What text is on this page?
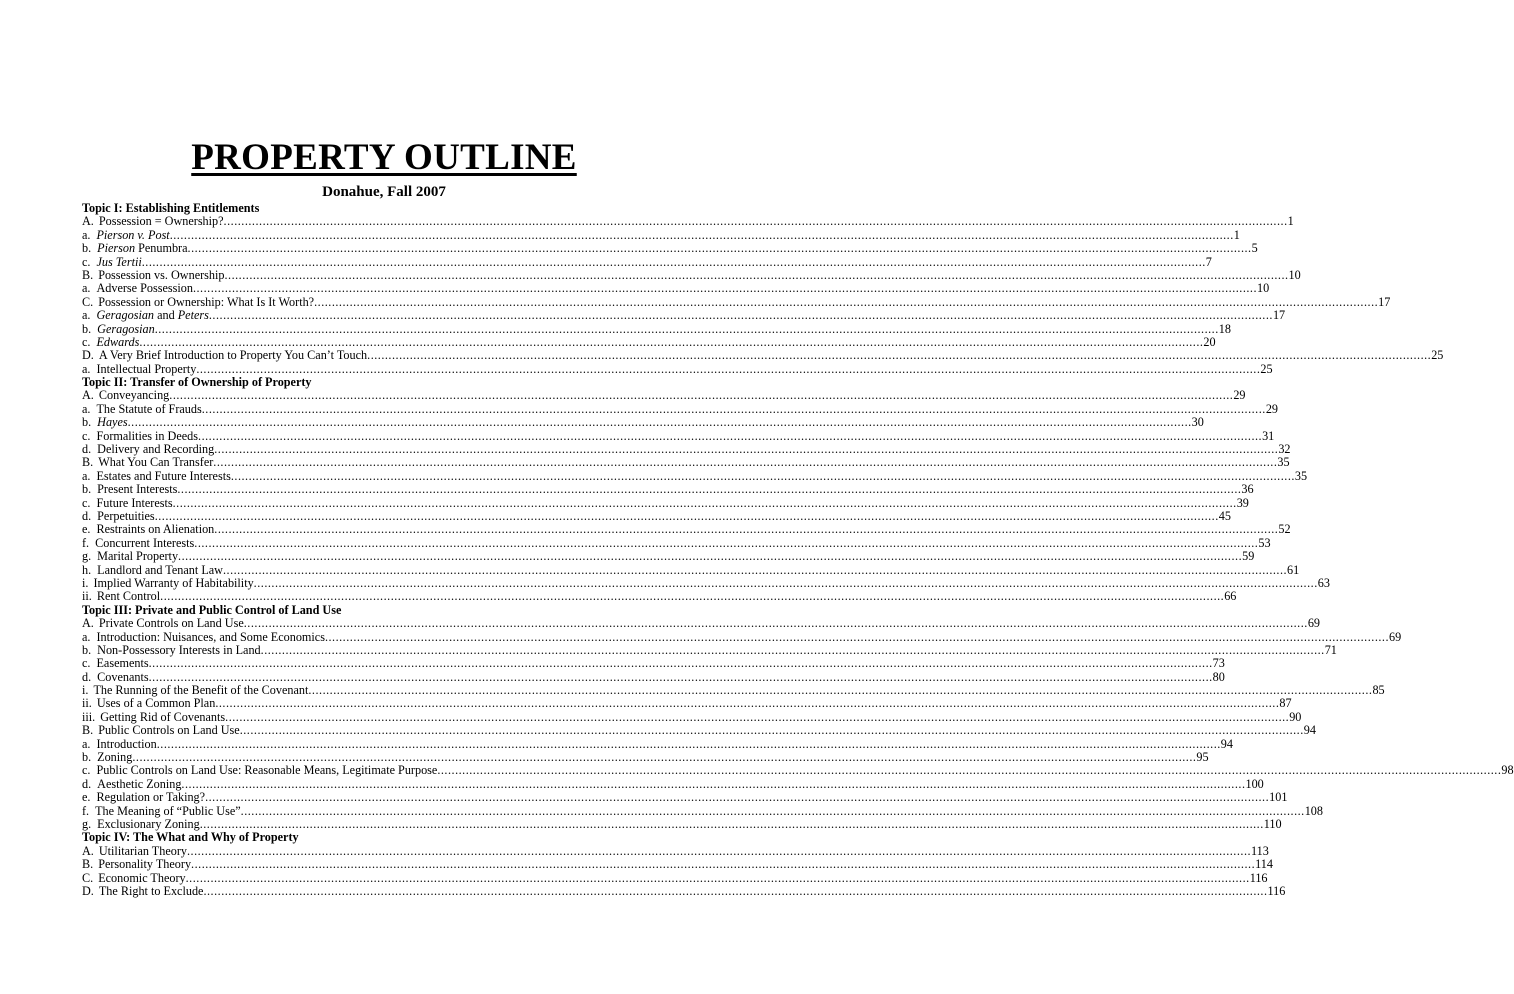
PROPERTY OUTLINE
Donahue, Fall 2007
Topic I: Establishing Entitlements
A. Possession = Ownership? ............................................................................................................................................................................................................................................................................................................ 1
a. Pierson v. Post ............................................................................................................................................................................................................................................................................................................ 1
b. Pierson Penumbra ............................................................................................................................................................................................................................................................................................................ 5
c. Jus Tertii ............................................................................................................................................................................................................................................................................................................ 7
B. Possession vs. Ownership ............................................................................................................................................................................................................................................................................................................ 10
a. Adverse Possession ............................................................................................................................................................................................................................................................................................................ 10
C. Possession or Ownership: What Is It Worth? ............................................................................................................................................................................................................................................................................................................ 17
a. Geragosian and Peters ............................................................................................................................................................................................................................................................................................................ 17
b. Geragosian ............................................................................................................................................................................................................................................................................................................ 18
c. Edwards ............................................................................................................................................................................................................................................................................................................ 20
D. A Very Brief Introduction to Property You Can’t Touch ............................................................................................................................................................................................................................................................................................................ 25
a. Intellectual Property ............................................................................................................................................................................................................................................................................................................ 25
Topic II: Transfer of Ownership of Property
A. Conveyancing ............................................................................................................................................................................................................................................................................................................ 29
a. The Statute of Frauds ............................................................................................................................................................................................................................................................................................................ 29
b. Hayes ............................................................................................................................................................................................................................................................................................................ 30
c. Formalities in Deeds ............................................................................................................................................................................................................................................................................................................ 31
d. Delivery and Recording ............................................................................................................................................................................................................................................................................................................ 32
B. What You Can Transfer ............................................................................................................................................................................................................................................................................................................ 35
a. Estates and Future Interests ............................................................................................................................................................................................................................................................................................................ 35
b. Present Interests ............................................................................................................................................................................................................................................................................................................ 36
c. Future Interests ............................................................................................................................................................................................................................................................................................................ 39
d. Perpetuities ............................................................................................................................................................................................................................................................................................................ 45
e. Restraints on Alienation ............................................................................................................................................................................................................................................................................................................ 52
f. Concurrent Interests ............................................................................................................................................................................................................................................................................................................ 53
g. Marital Property ............................................................................................................................................................................................................................................................................................................ 59
h. Landlord and Tenant Law ............................................................................................................................................................................................................................................................................................................ 61
i. Implied Warranty of Habitability ............................................................................................................................................................................................................................................................................................................ 63
ii. Rent Control ............................................................................................................................................................................................................................................................................................................ 66
Topic III: Private and Public Control of Land Use
A. Private Controls on Land Use ............................................................................................................................................................................................................................................................................................................ 69
a. Introduction: Nuisances, and Some Economics ............................................................................................................................................................................................................................................................................................................ 69
b. Non-Possessory Interests in Land ............................................................................................................................................................................................................................................................................................................ 71
c. Easements ............................................................................................................................................................................................................................................................................................................ 73
d. Covenants ............................................................................................................................................................................................................................................................................................................ 80
i. The Running of the Benefit of the Covenant ............................................................................................................................................................................................................................................................................................................ 85
ii. Uses of a Common Plan ............................................................................................................................................................................................................................................................................................................ 87
iii. Getting Rid of Covenants ............................................................................................................................................................................................................................................................................................................ 90
B. Public Controls on Land Use ............................................................................................................................................................................................................................................................................................................ 94
a. Introduction ............................................................................................................................................................................................................................................................................................................ 94
b. Zoning ............................................................................................................................................................................................................................................................................................................ 95
c. Public Controls on Land Use: Reasonable Means, Legitimate Purpose ............................................................................................................................................................................................................................................................................................................ 98
d. Aesthetic Zoning ............................................................................................................................................................................................................................................................................................................ 100
e. Regulation or Taking? ............................................................................................................................................................................................................................................................................................................ 101
f. The Meaning of “Public Use” ............................................................................................................................................................................................................................................................................................................ 108
g. Exclusionary Zoning ............................................................................................................................................................................................................................................................................................................ 110
Topic IV: The What and Why of Property
A. Utilitarian Theory ............................................................................................................................................................................................................................................................................................................ 113
B. Personality Theory ............................................................................................................................................................................................................................................................................................................ 114
C. Economic Theory ............................................................................................................................................................................................................................................................................................................ 116
D. The Right to Exclude ............................................................................................................................................................................................................................................................................................................ 116
